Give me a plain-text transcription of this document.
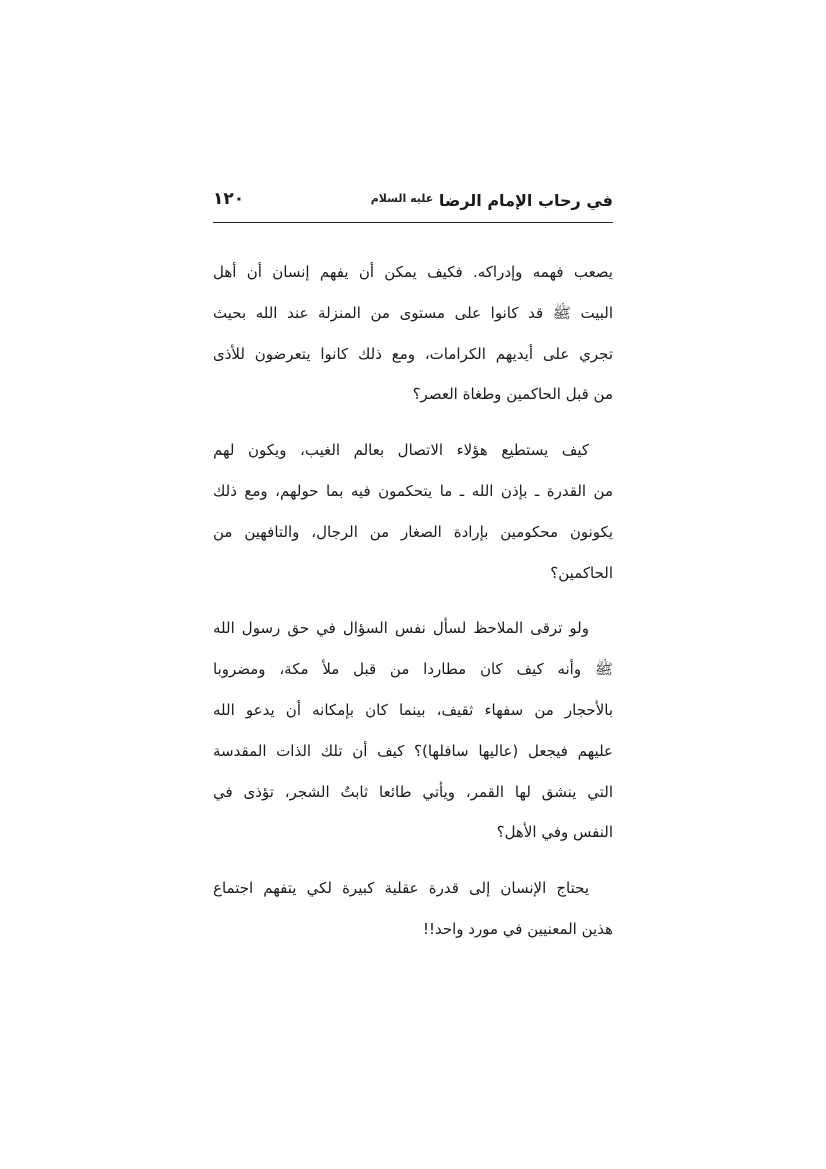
في رحاب الإمام الرضا $^{عليه السلام}$
١٢٠

يصعب فهمه وإدراكه. فكيف يمكن أن يفهم إنسان أن أهل
البيت ﷺ قد كانوا على مستوى من المنزلة عند الله بحيث
تجري على أيديهم الكرامات، ومع ذلك كانوا يتعرضون للأذى
من قبل الحاكمين وطغاة العصر؟

كيف يستطيع هؤلاء الاتصال بعالم الغيب، ويكون لهم
من القدرة ـ بإذن الله ـ ما يتحكمون فيه بما حولهم، ومع ذلك
يكونون محكومين بإرادة الصغار من الرجال، والتافهين من
الحاكمين؟

ولو ترقى الملاحظ لسأل نفس السؤال في حق رسول الله
ﷺ وأنه كيف كان مطاردا من قبل ملأ مكة، ومضروبا
بالأحجار من سفهاء ثقيف، بينما كان بإمكانه أن يدعو الله
عليهم فيجعل (عاليها سافلها)؟ كيف أن تلك الذات المقدسة
التي ينشق لها القمر، ويأتي طائعا ثابتُ الشجر، تؤذى في
النفس وفي الأهل؟

يحتاج الإنسان إلى قدرة عقلية كبيرة لكي يتفهم اجتماع
هذين المعنيين في مورد واحد!!
